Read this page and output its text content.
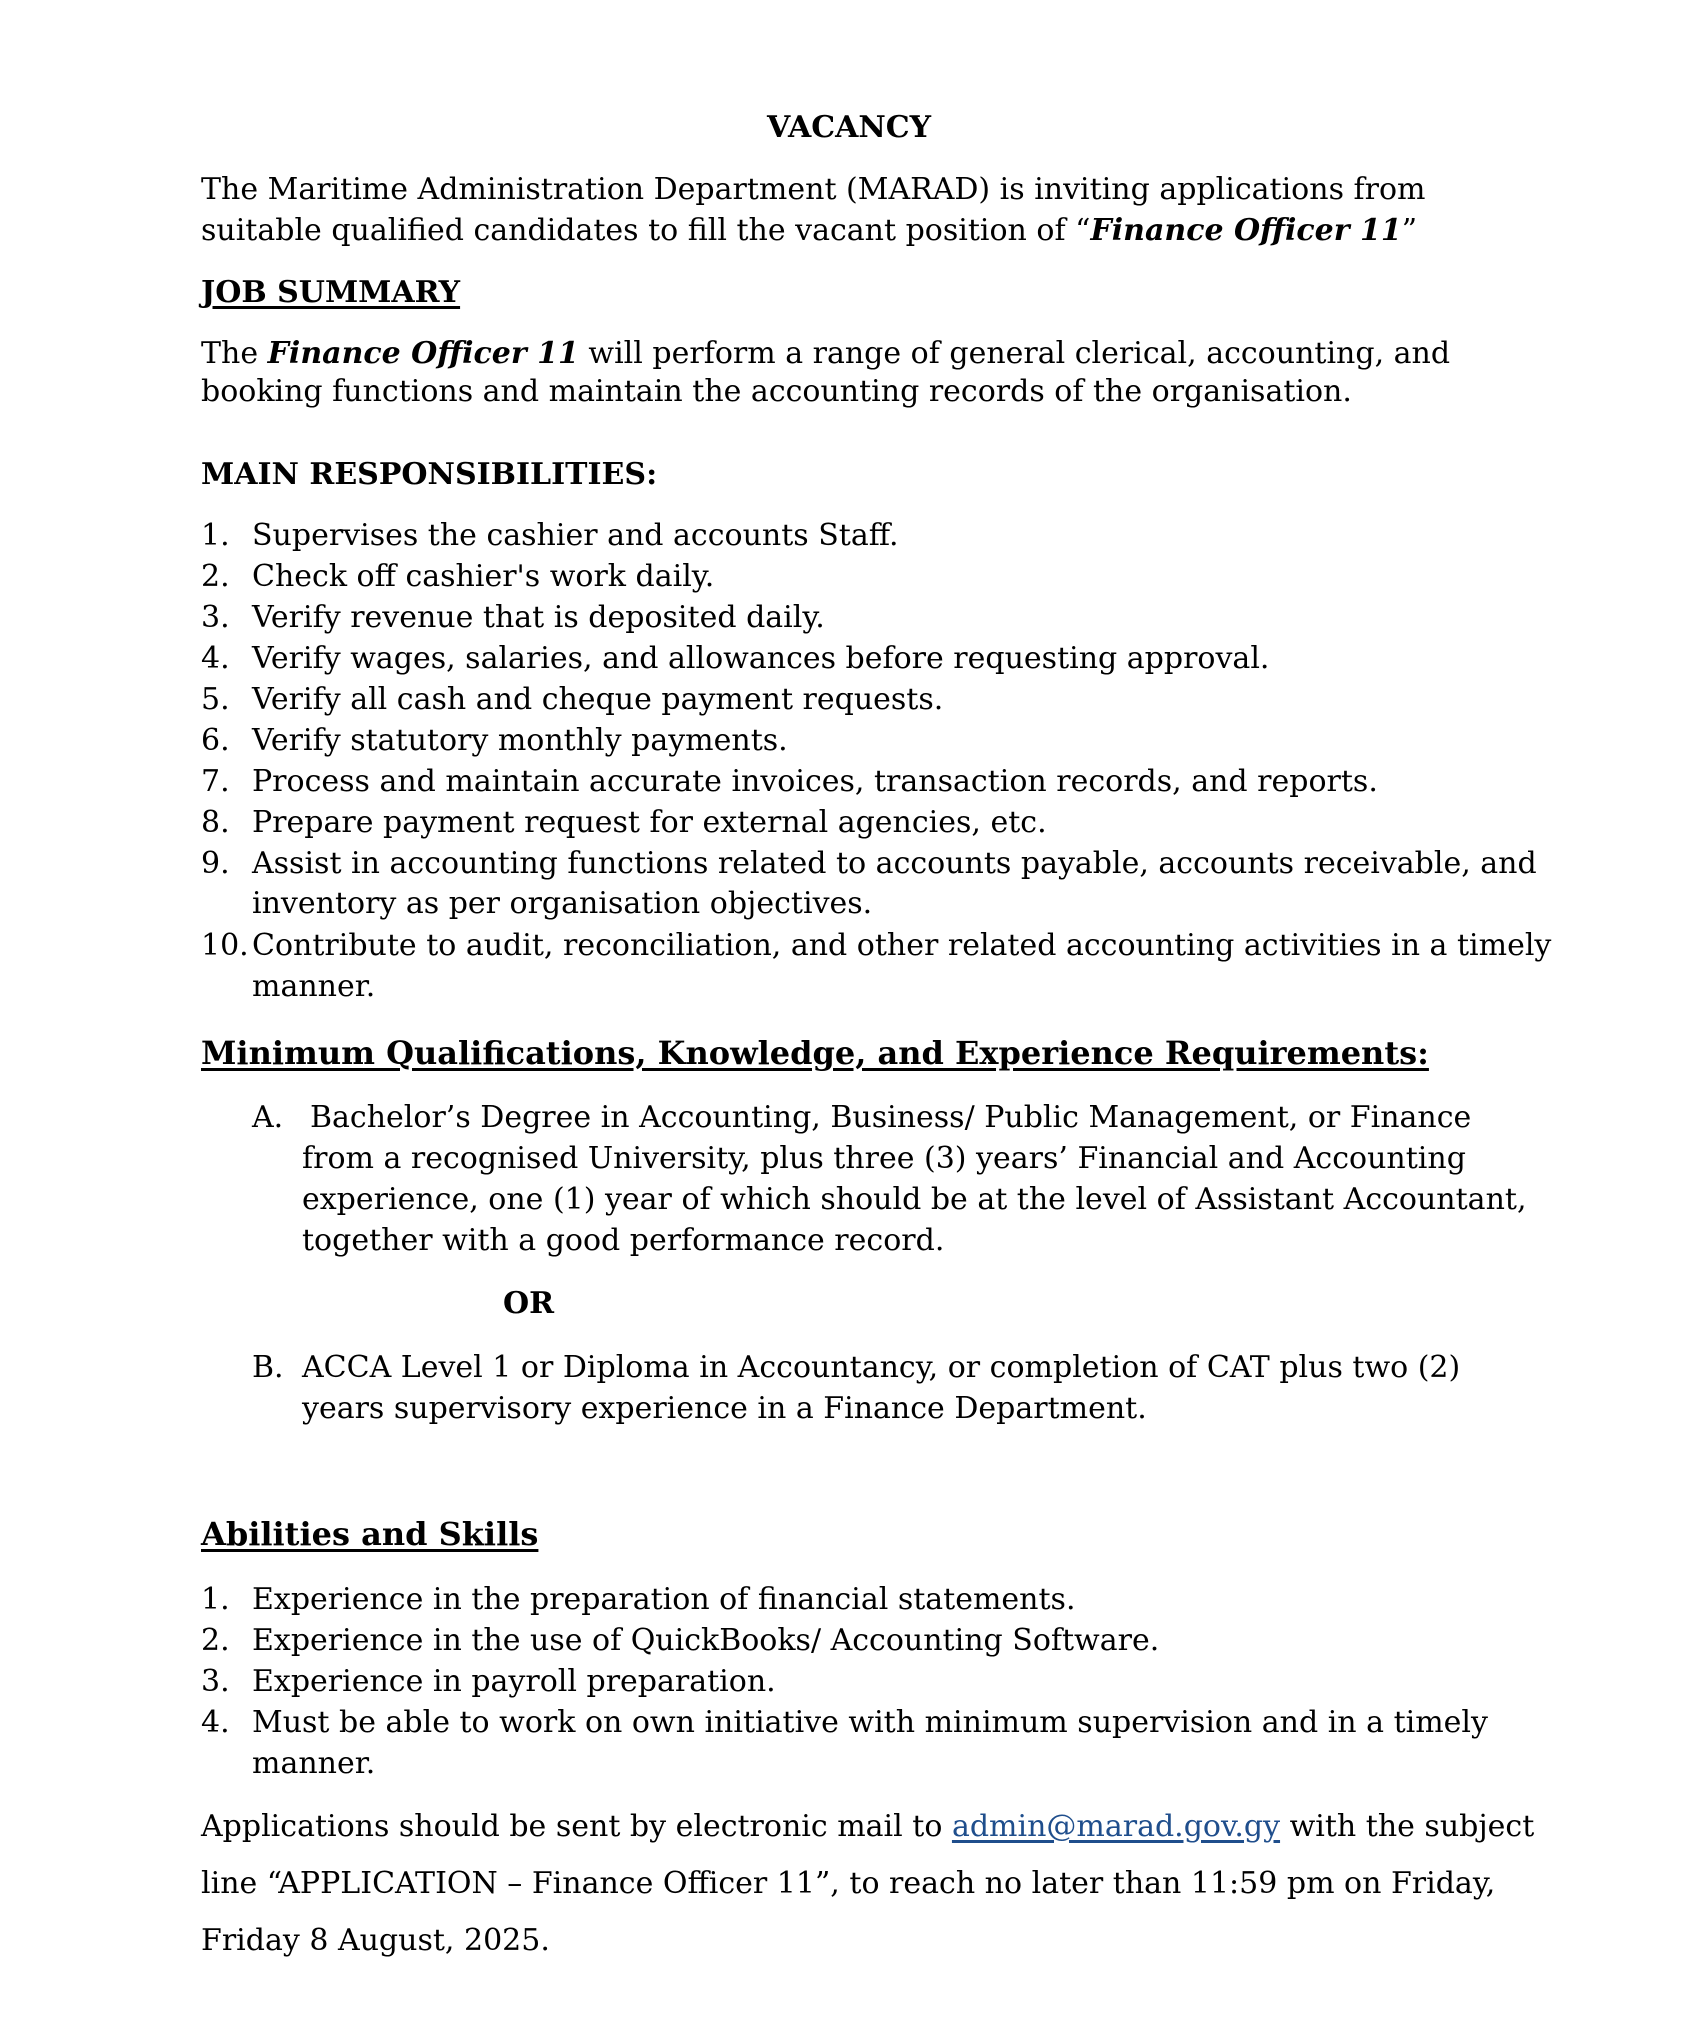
VACANCY
The Maritime Administration Department (MARAD) is inviting applications from
suitable qualified candidates to fill the vacant position of “Finance Officer 11”
JOB SUMMARY
The Finance Officer 11 will perform a range of general clerical, accounting, and
booking functions and maintain the accounting records of the organisation.
MAIN RESPONSIBILITIES:
1. Supervises the cashier and accounts Staff.
2. Check off cashier's work daily.
3. Verify revenue that is deposited daily.
4. Verify wages, salaries, and allowances before requesting approval.
5. Verify all cash and cheque payment requests.
6. Verify statutory monthly payments.
7. Process and maintain accurate invoices, transaction records, and reports.
8. Prepare payment request for external agencies, etc.
9. Assist in accounting functions related to accounts payable, accounts receivable, and
inventory as per organisation objectives.
10. Contribute to audit, reconciliation, and other related accounting activities in a timely
manner.
Minimum Qualifications, Knowledge, and Experience Requirements:
A. Bachelor’s Degree in Accounting, Business/ Public Management, or Finance
from a recognised University, plus three (3) years’ Financial and Accounting
experience, one (1) year of which should be at the level of Assistant Accountant,
together with a good performance record.
OR
B. ACCA Level 1 or Diploma in Accountancy, or completion of CAT plus two (2)
years supervisory experience in a Finance Department.
Abilities and Skills
1. Experience in the preparation of financial statements.
2. Experience in the use of QuickBooks/ Accounting Software.
3. Experience in payroll preparation.
4. Must be able to work on own initiative with minimum supervision and in a timely
manner.
Applications should be sent by electronic mail to admin@marad.gov.gy with the subject
line “APPLICATION – Finance Officer 11”, to reach no later than 11:59 pm on Friday,
Friday 8 August, 2025.
